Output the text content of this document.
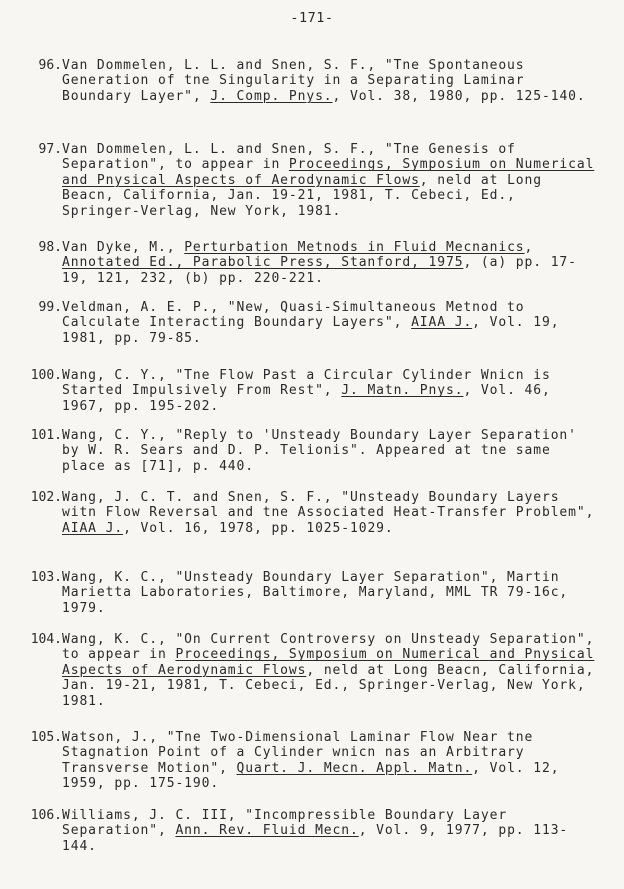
-171-
96. Van Dommelen, L. L. and Snen, S. F., "Tne Spontaneous Generation of tne Singularity in a Separating Laminar Boundary Layer", J. Comp. Pnys., Vol. 38, 1980, pp. 125-140.
97. Van Dommelen, L. L. and Snen, S. F., "Tne Genesis of Separation", to appear in Proceedings, Symposium on Numerical and Pnysical Aspects of Aerodynamic Flows, neld at Long Beacn, California, Jan. 19-21, 1981, T. Cebeci, Ed., Springer-Verlag, New York, 1981.
98. Van Dyke, M., Perturbation Metnods in Fluid Mecnanics, Annotated Ed., Parabolic Press, Stanford, 1975, (a) pp. 17-19, 121, 232, (b) pp. 220-221.
99. Veldman, A. E. P., "New, Quasi-Simultaneous Metnod to Calculate Interacting Boundary Layers", AIAA J., Vol. 19, 1981, pp. 79-85.
100. Wang, C. Y., "Tne Flow Past a Circular Cylinder Wnicn is Started Impulsively From Rest", J. Matn. Pnys., Vol. 46, 1967, pp. 195-202.
101. Wang, C. Y., "Reply to 'Unsteady Boundary Layer Separation' by W. R. Sears and D. P. Telionis". Appeared at tne same place as [71], p. 440.
102. Wang, J. C. T. and Snen, S. F., "Unsteady Boundary Layers witn Flow Reversal and tne Associated Heat-Transfer Problem", AIAA J., Vol. 16, 1978, pp. 1025-1029.
103. Wang, K. C., "Unsteady Boundary Layer Separation", Martin Marietta Laboratories, Baltimore, Maryland, MML TR 79-16c, 1979.
104. Wang, K. C., "On Current Controversy on Unsteady Separation", to appear in Proceedings, Symposium on Numerical and Pnysical Aspects of Aerodynamic Flows, neld at Long Beacn, California, Jan. 19-21, 1981, T. Cebeci, Ed., Springer-Verlag, New York, 1981.
105. Watson, J., "Tne Two-Dimensional Laminar Flow Near tne Stagnation Point of a Cylinder wnicn nas an Arbitrary Transverse Motion", Quart. J. Mecn. Appl. Matn., Vol. 12, 1959, pp. 175-190.
106. Williams, J. C. III, "Incompressible Boundary Layer Separation", Ann. Rev. Fluid Mecn., Vol. 9, 1977, pp. 113-144.
